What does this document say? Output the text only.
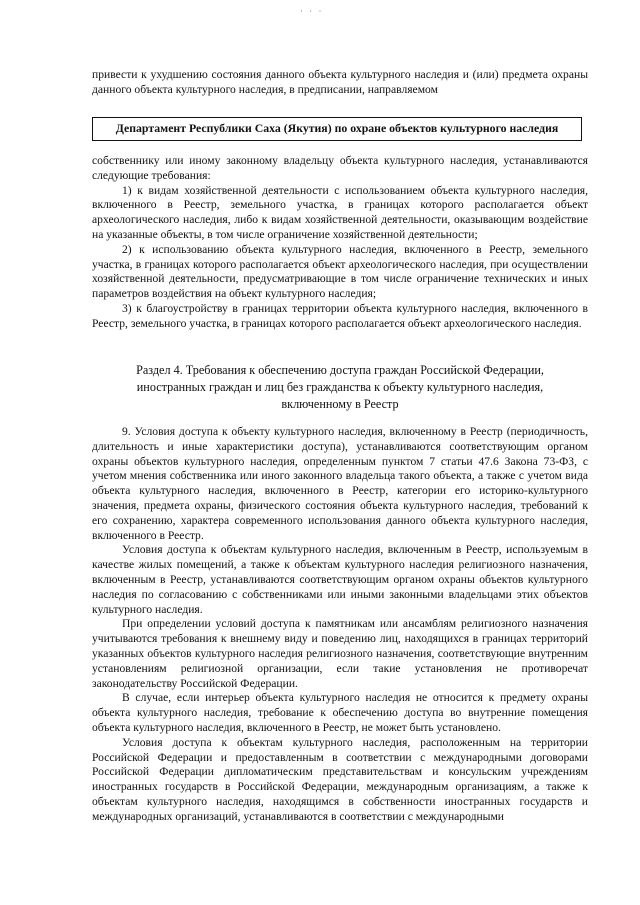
· · ·

привести к ухудшению состояния данного объекта культурного наследия и (или) предмета охраны данного объекта культурного наследия, в предписании, направляемом

Департамент Республики Саха (Якутия) по охране объектов культурного наследия

собственнику или иному законному владельцу объекта культурного наследия, устанавливаются следующие требования:

1) к видам хозяйственной деятельности с использованием объекта культурного наследия, включенного в Реестр, земельного участка, в границах которого располагается объект археологического наследия, либо к видам хозяйственной деятельности, оказывающим воздействие на указанные объекты, в том числе ограничение хозяйственной деятельности;

2) к использованию объекта культурного наследия, включенного в Реестр, земельного участка, в границах которого располагается объект археологического наследия, при осуществлении хозяйственной деятельности, предусматривающие в том числе ограничение технических и иных параметров воздействия на объект культурного наследия;

3) к благоустройству в границах территории объекта культурного наследия, включенного в Реестр, земельного участка, в границах которого располагается объект археологического наследия.

Раздел 4. Требования к обеспечению доступа граждан Российской Федерации,
иностранных граждан и лиц без гражданства к объекту культурного наследия,
включенному в Реестр

9. Условия доступа к объекту культурного наследия, включенному в Реестр (периодичность, длительность и иные характеристики доступа), устанавливаются соответствующим органом охраны объектов культурного наследия, определенным пунктом 7 статьи 47.6 Закона 73-ФЗ, с учетом мнения собственника или иного законного владельца такого объекта, а также с учетом вида объекта культурного наследия, включенного в Реестр, категории его историко-культурного значения, предмета охраны, физического состояния объекта культурного наследия, требований к его сохранению, характера современного использования данного объекта культурного наследия, включенного в Реестр.

Условия доступа к объектам культурного наследия, включенным в Реестр, используемым в качестве жилых помещений, а также к объектам культурного наследия религиозного назначения, включенным в Реестр, устанавливаются соответствующим органом охраны объектов культурного наследия по согласованию с собственниками или иными законными владельцами этих объектов культурного наследия.

При определении условий доступа к памятникам или ансамблям религиозного назначения учитываются требования к внешнему виду и поведению лиц, находящихся в границах территорий указанных объектов культурного наследия религиозного назначения, соответствующие внутренним установлениям религиозной организации, если такие установления не противоречат законодательству Российской Федерации.

В случае, если интерьер объекта культурного наследия не относится к предмету охраны объекта культурного наследия, требование к обеспечению доступа во внутренние помещения объекта культурного наследия, включенного в Реестр, не может быть установлено.

Условия доступа к объектам культурного наследия, расположенным на территории Российской Федерации и предоставленным в соответствии с международными договорами Российской Федерации дипломатическим представительствам и консульским учреждениям иностранных государств в Российской Федерации, международным организациям, а также к объектам культурного наследия, находящимся в собственности иностранных государств и международных организаций, устанавливаются в соответствии с международными
